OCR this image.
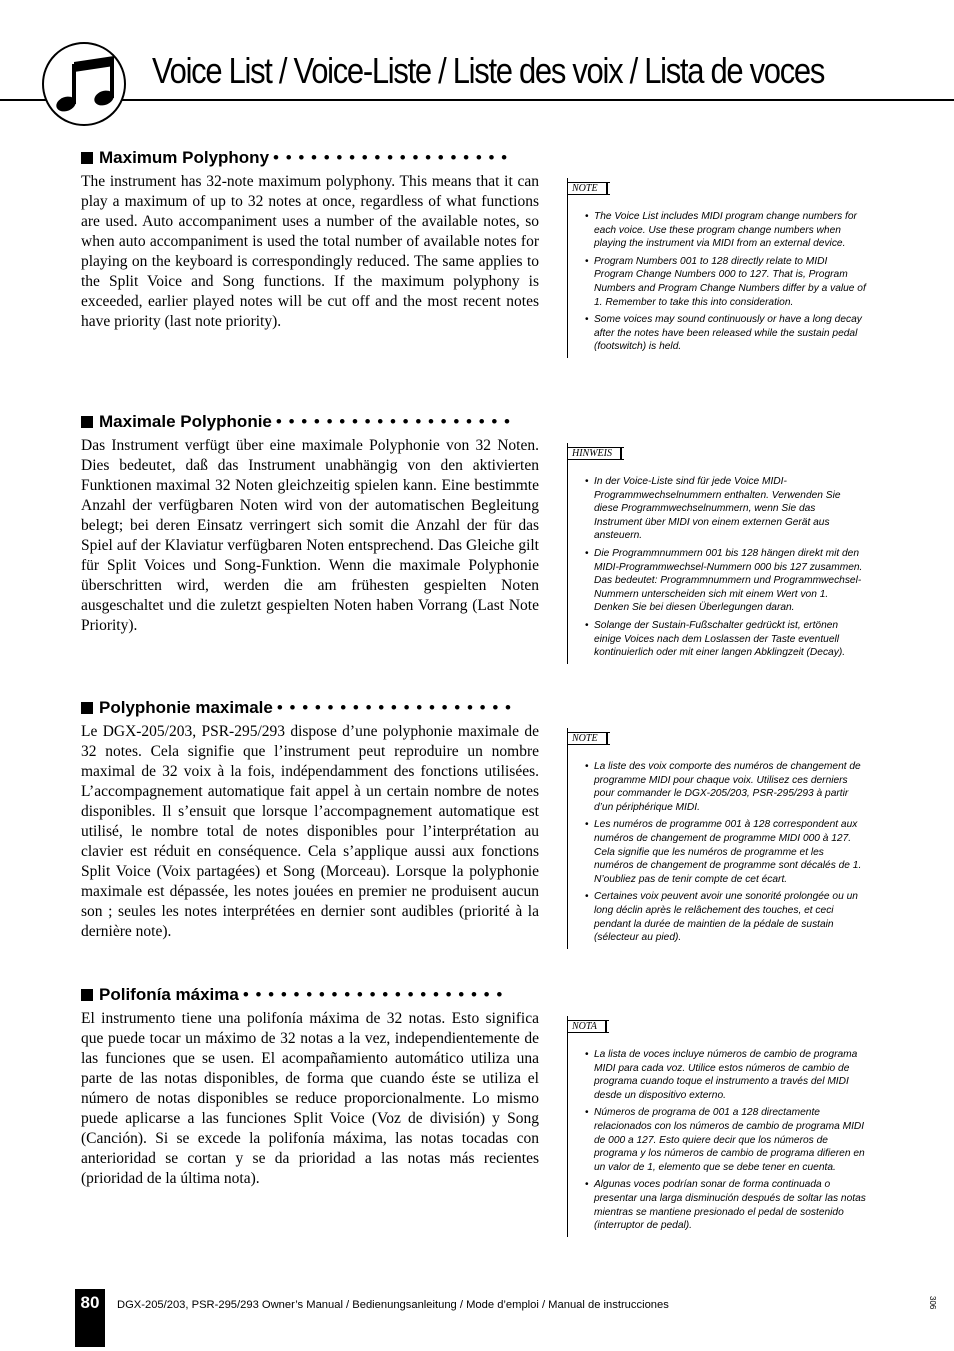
Voice List / Voice-Liste / Liste des voix / Lista de voces
Maximum Polyphony • • • • • • • • • • • • • • • • • • •

The instrument has 32-note maximum polyphony. This means that it can play a maximum of up to 32 notes at once, regardless of what functions are used. Auto accompaniment uses a number of the available notes, so when auto accompaniment is used the total number of available notes for playing on the keyboard is correspondingly reduced. The same applies to the Split Voice and Song functions. If the maximum polyphony is exceeded, earlier played notes will be cut off and the most recent notes have priority (last note priority).

Maximale Polyphonie • • • • • • • • • • • • • • • • • • •

Das Instrument verfügt über eine maximale Polyphonie von 32 Noten. Dies bedeutet, daß das Instrument unabhängig von den aktivierten Funktionen maximal 32 Noten gleichzeitig spielen kann. Eine bestimmte Anzahl der verfügbaren Noten wird von der automatischen Begleitung belegt; bei deren Einsatz verringert sich somit die Anzahl der für das Spiel auf der Klaviatur verfügbaren Noten entsprechend. Das Gleiche gilt für Split Voices und Song-Funktion. Wenn die maximale Polyphonie überschritten wird, werden die am frühesten gespielten Noten ausgeschaltet und die zuletzt gespielten Noten haben Vorrang (Last Note Priority).

Polyphonie maximale • • • • • • • • • • • • • • • • • • •

Le DGX-205/203, PSR-295/293 dispose d’une polyphonie maximale de 32 notes. Cela signifie que l’instrument peut reproduire un nombre maximal de 32 voix à la fois, indépendamment des fonctions utilisées. L’accompagnement automatique fait appel à un certain nombre de notes disponibles. Il s’ensuit que lorsque l’accompagnement automatique est utilisé, le nombre total de notes disponibles pour l’interprétation au clavier est réduit en conséquence. Cela s’applique aussi aux fonctions Split Voice (Voix partagées) et Song (Morceau). Lorsque la polyphonie maximale est dépassée, les notes jouées en premier ne produisent aucun son ; seules les notes interprétées en dernier sont audibles (priorité à la dernière note).

Polifonía máxima • • • • • • • • • • • • • • • • • • • • •

El instrumento tiene una polifonía máxima de 32 notas. Esto significa que puede tocar un máximo de 32 notas a la vez, independientemente de las funciones que se usen. El acompañamiento automático utiliza una parte de las notas disponibles, de forma que cuando éste se utiliza el número de notas disponibles se reduce proporcionalmente. Lo mismo puede aplicarse a las funciones Split Voice (Voz de división) y Song (Canción). Si se excede la polifonía máxima, las notas tocadas con anterioridad se cortan y se da prioridad a las notas más recientes (prioridad de la última nota).

NOTE
• The Voice List includes MIDI program change numbers for each voice. Use these program change numbers when playing the instrument via MIDI from an external device.
• Program Numbers 001 to 128 directly relate to MIDI Program Change Numbers 000 to 127. That is, Program Numbers and Program Change Numbers differ by a value of 1. Remember to take this into consideration.
• Some voices may sound continuously or have a long decay after the notes have been released while the sustain pedal (footswitch) is held.
HINWEIS
• In der Voice-Liste sind für jede Voice MIDI-Programmwechselnummern enthalten. Verwenden Sie diese Programmwechselnummern, wenn Sie das Instrument über MIDI von einem externen Gerät aus ansteuern.
• Die Programmnummern 001 bis 128 hängen direkt mit den MIDI-Programmwechsel-Nummern 000 bis 127 zusammen. Das bedeutet: Programmnummern und Programmwechsel-Nummern unterscheiden sich mit einem Wert von 1. Denken Sie bei diesen Überlegungen daran.
• Solange der Sustain-Fußschalter gedrückt ist, ertönen einige Voices nach dem Loslassen der Taste eventuell kontinuierlich oder mit einer langen Abklingzeit (Decay).
NOTE
• La liste des voix comporte des numéros de changement de programme MIDI pour chaque voix. Utilisez ces derniers pour commander le DGX-205/203, PSR-295/293 à partir d’un périphérique MIDI.
• Les numéros de programme 001 à 128 correspondent aux numéros de changement de programme MIDI 000 à 127. Cela signifie que les numéros de programme et les numéros de changement de programme sont décalés de 1. N’oubliez pas de tenir compte de cet écart.
• Certaines voix peuvent avoir une sonorité prolongée ou un long déclin après le relâchement des touches, et ceci pendant la durée de maintien de la pédale de sustain (sélecteur au pied).
NOTA
• La lista de voces incluye números de cambio de programa MIDI para cada voz. Utilice estos números de cambio de programa cuando toque el instrumento a través del MIDI desde un dispositivo externo.
• Números de programa de 001 a 128 directamente relacionados con los números de cambio de programa MIDI de 000 a 127. Esto quiere decir que los números de programa y los números de cambio de programa difieren en un valor de 1, elemento que se debe tener en cuenta.
• Algunas voces podrían sonar de forma continuada o presentar una larga disminución después de soltar las notas mientras se mantiene presionado el pedal de sostenido (interruptor de pedal).
80	DGX-205/203, PSR-295/293 Owner’s Manual / Bedienungsanleitung / Mode d’emploi / Manual de instrucciones	306
